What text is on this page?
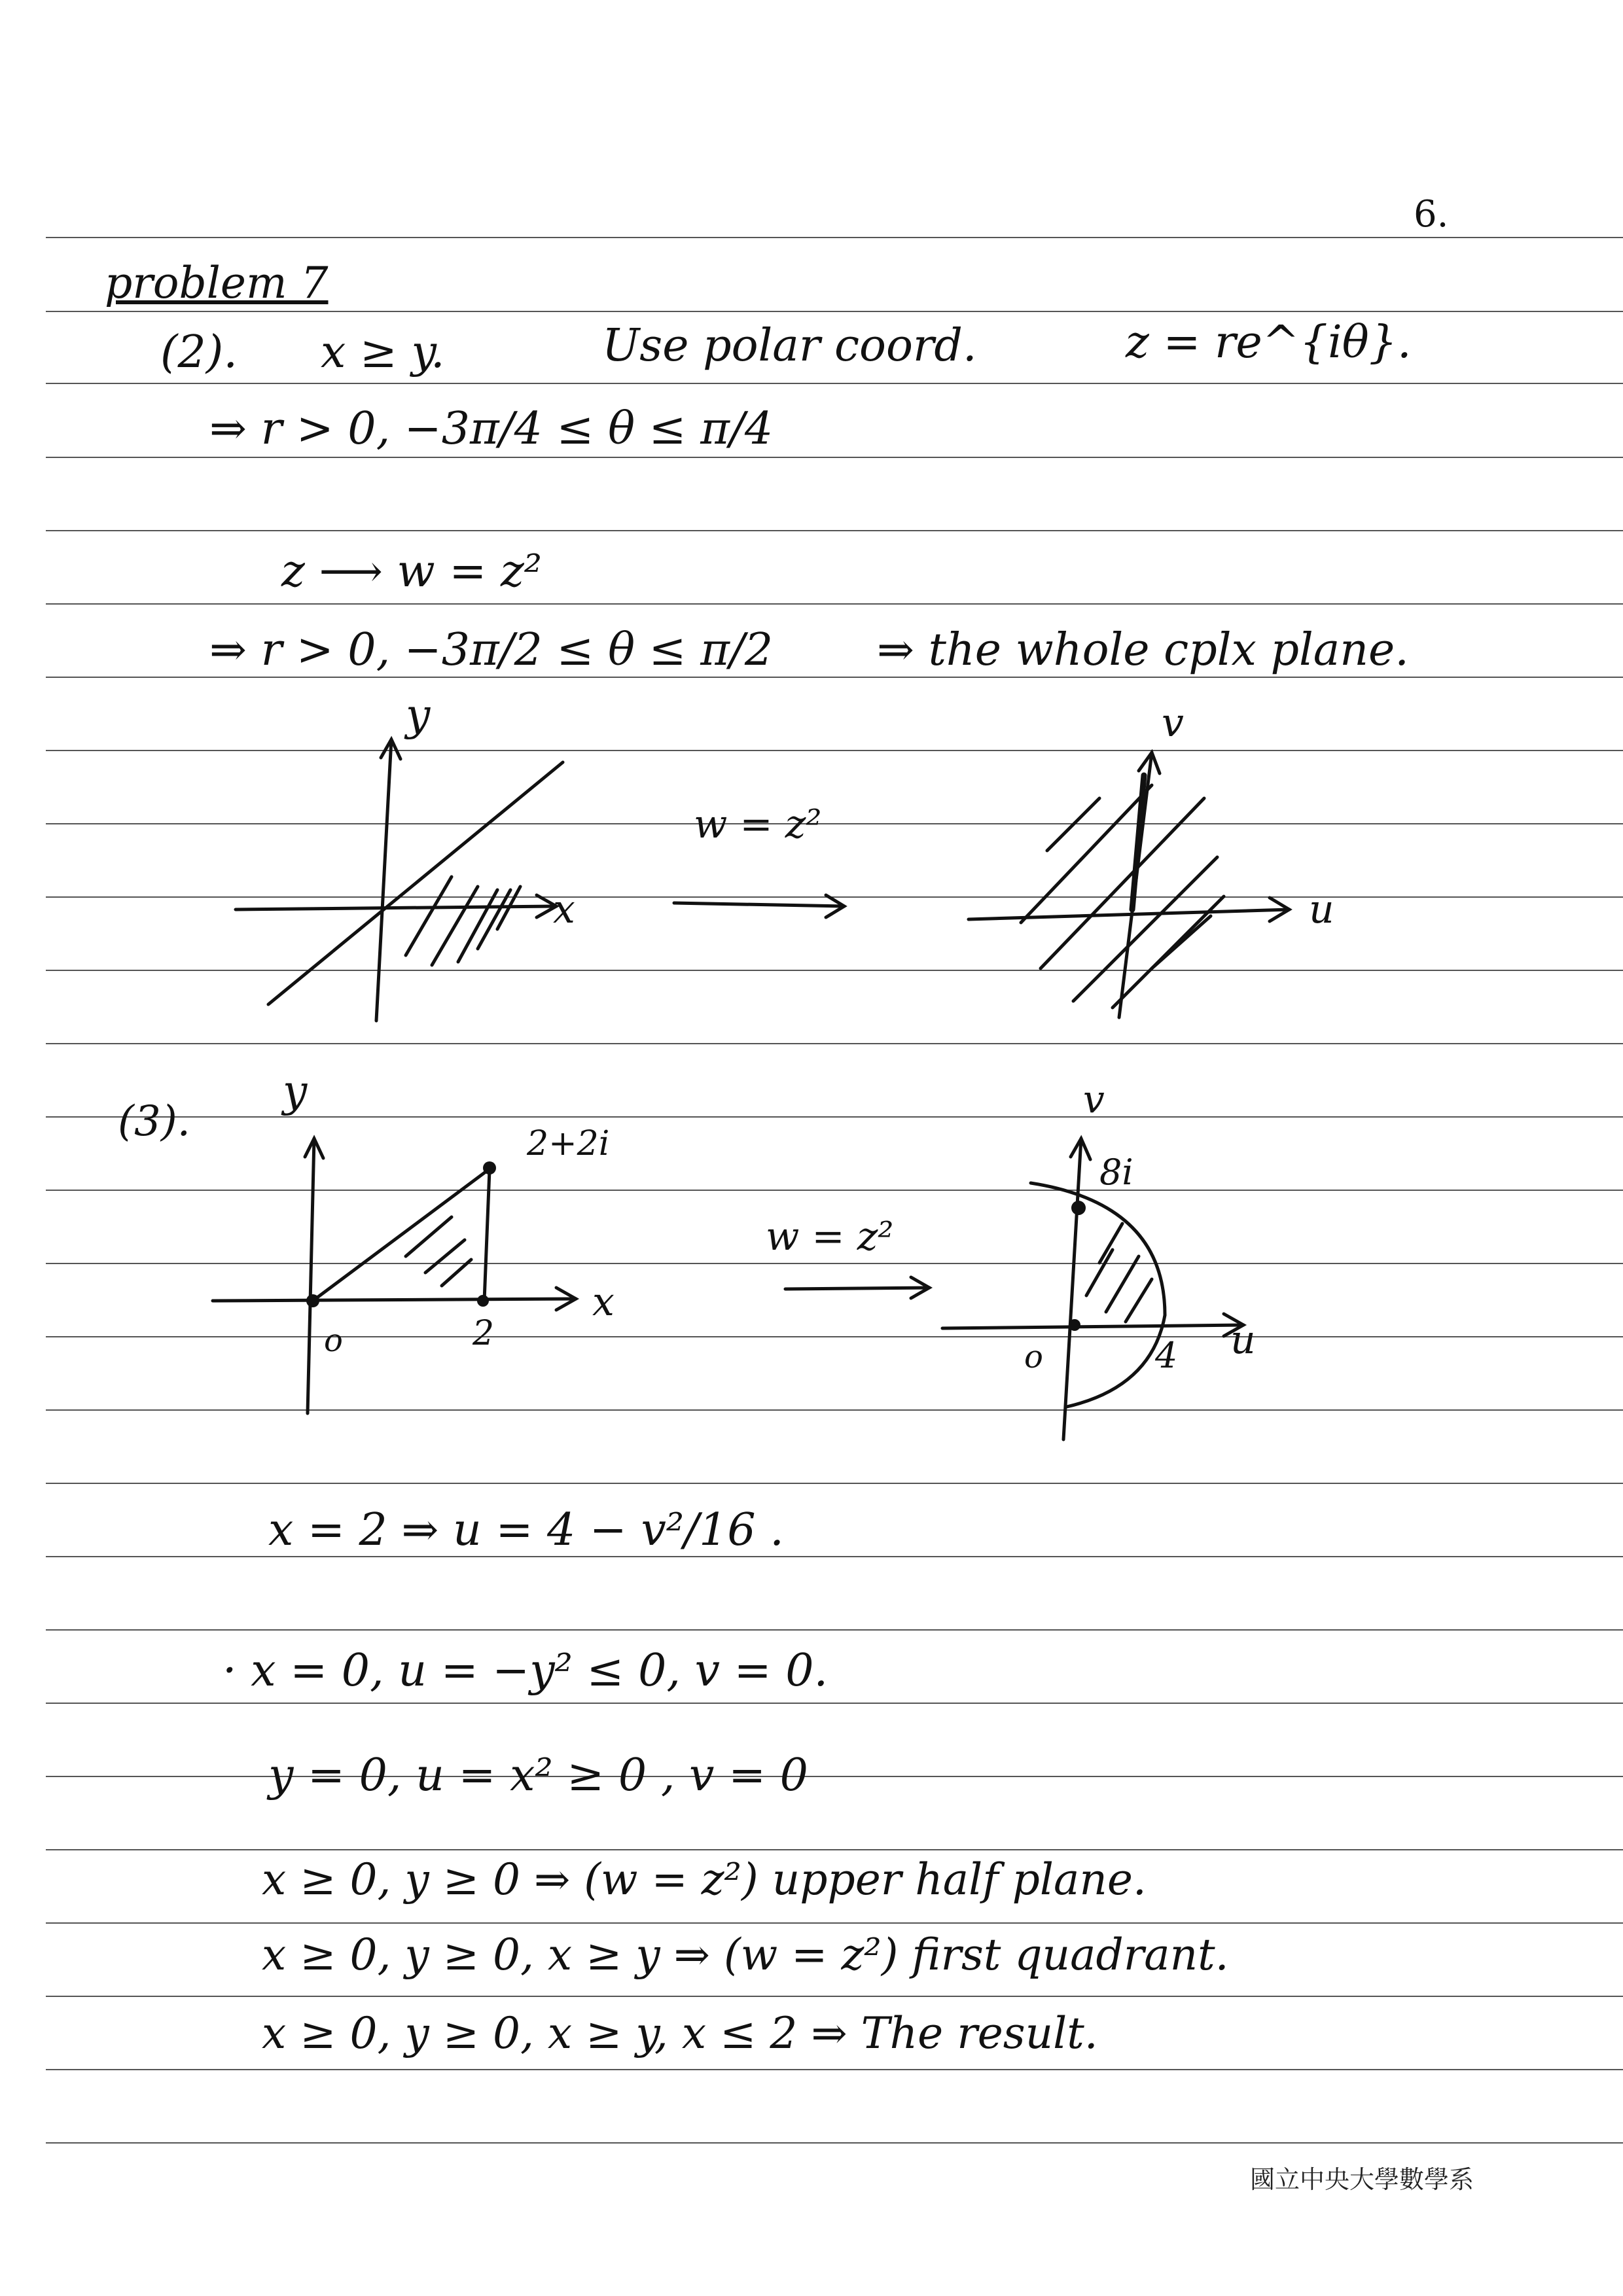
6.
problem 7
(2). x ≥ y.	Use polar coord.	z = re^{iθ}.
⇒ r > 0, −3π/4 ≤ θ ≤ π/4
z ⟶ w = z²
⇒ r > 0, −3π/2 ≤ θ ≤ π/2 ⇒ the whole cplx plane.
y
x
w = z²
u
v
(3).
y
x
2+2i
o	2
w = z²
v
8i
o	4 u
x = 2 ⇒ u = 4 − v²/16 .
· x = 0, u = −y² ≤ 0, v = 0.
y = 0, u = x² ≥ 0 , v = 0
x ≥ 0, y ≥ 0 ⇒ (w = z²) upper half plane.
x ≥ 0, y ≥ 0, x ≥ y ⇒ (w = z²) first quadrant.
x ≥ 0, y ≥ 0, x ≥ y, x ≤ 2 ⇒ The result.
國立中央大學數學系
